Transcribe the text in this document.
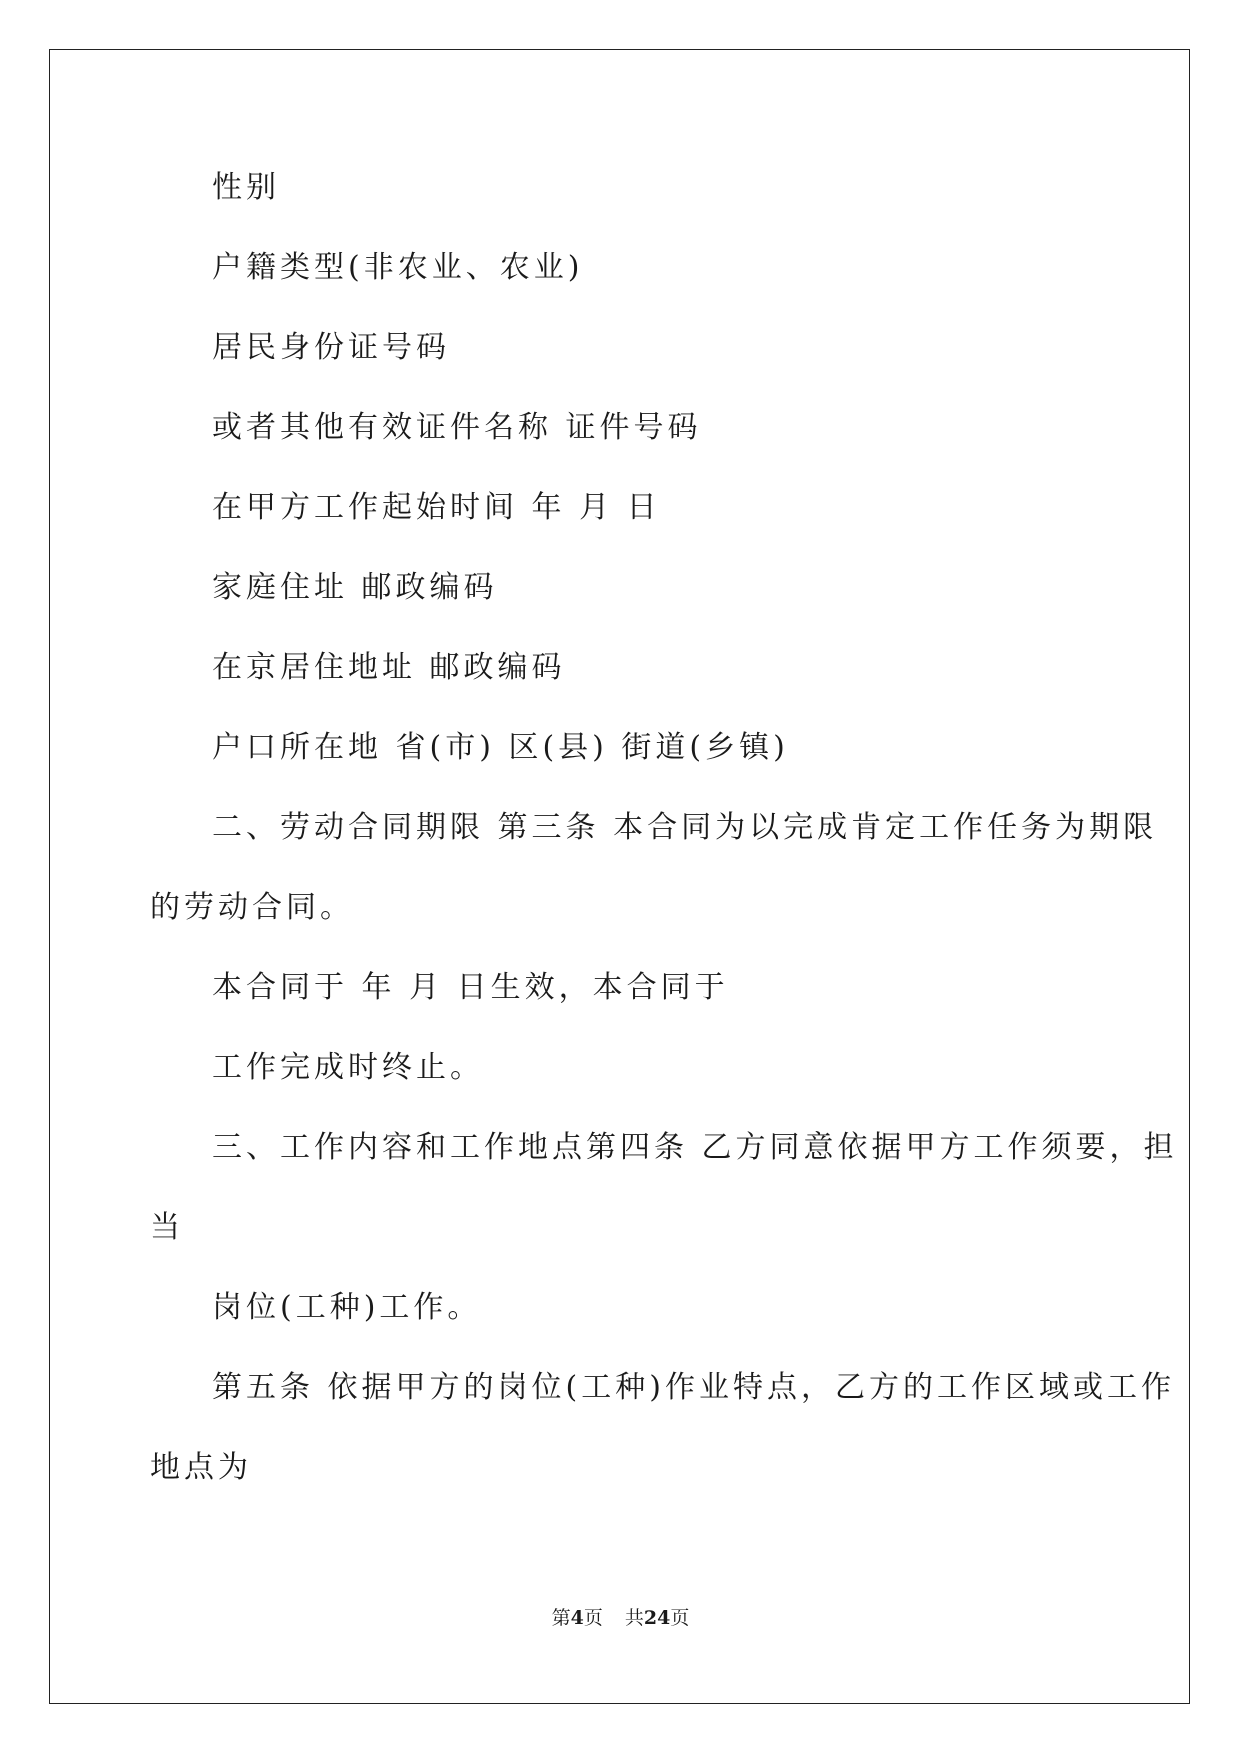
性别
户籍类型(非农业、农业)
居民身份证号码
或者其他有效证件名称 证件号码
在甲方工作起始时间 年 月 日
家庭住址 邮政编码
在京居住地址 邮政编码
户口所在地 省(市) 区(县) 街道(乡镇)
二、劳动合同期限 第三条 本合同为以完成肯定工作任务为期限
的劳动合同。
本合同于 年 月 日生效，本合同于
工作完成时终止。
三、工作内容和工作地点第四条 乙方同意依据甲方工作须要，担
当
岗位(工种)工作。
第五条 依据甲方的岗位(工种)作业特点，乙方的工作区域或工作
地点为
第4页 共24页
